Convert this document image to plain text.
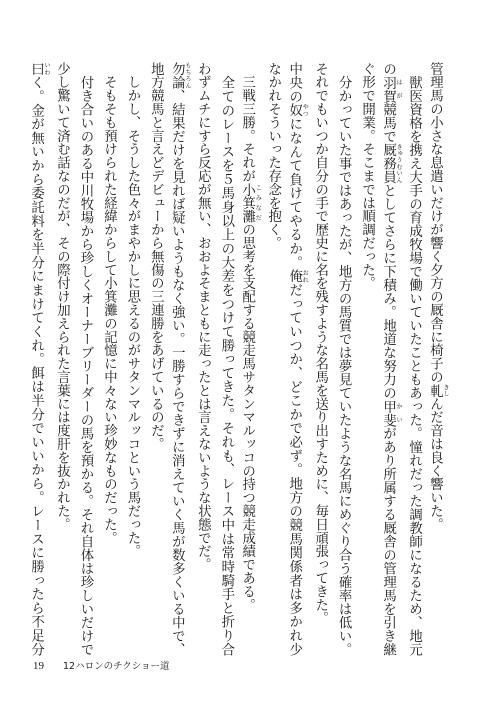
管理馬の小さな息遣いだけが響く夕方の厩舎に椅子の軋 きしんだ音は良く響いた。
　獣医資格を携え大手の育成牧場で働いていたこともあった。憧れだった調教師になるため、地元
の羽賀 はが競馬で厩務員 きゅうむいんとしてさらに下積み。地道な努力の甲斐 かいがあり所属する厩舎の管理馬を引き継
ぐ形で開業。そこまでは順調だった。
　分かっていた事ではあったが、地方の馬質では夢見ていたような名馬にめぐり合う確率は低い。
それでもいつか自分の手で歴史に名を残すような名馬を送り出すために、毎日頑張ってきた。
中央の奴 やつになんて負けてやるか。俺 おれだっていつか、どこかで必ず。地方の競馬関係者は多かれ少
なかれそういった存念を抱く。
　三戦三勝。それが小箕灘 こみなだの思考を支配する競走馬サタンマルッコの持つ競走成績である。
　全てのレースを５馬身以上の大差をつけて勝ってきた。それも、レース中は常時騎手と折り合
わずムチにすら反応が無い、おおよそまともに走ったとは言えないような状態でだ。
勿論 もちろん、結果だけを見れば疑いようもなく強い。一勝すらできずに消えていく馬が数多くいる中で、
地方競馬と言えどデビューから無傷の三連勝をあげているのだ。
　しかし、そうした色々がまやかしに思えるのがサタンマルッコという馬だった。
　そもそも預けられた経緯からして小箕灘の記憶に中々ない珍妙なものだった。
　付き合いのある中川牧場から珍しくオーナーブリーダーの馬を預かる。それ自体は珍しいだけで
少し驚いて済む話なのだが、その際付け加えられた言葉には度肝を抜かれた。
曰 いわく。金が無いから委託料を半分にまけてくれ。餌は半分でいいから。レースに勝ったら不足分
19 12ハロンのチクショー道
